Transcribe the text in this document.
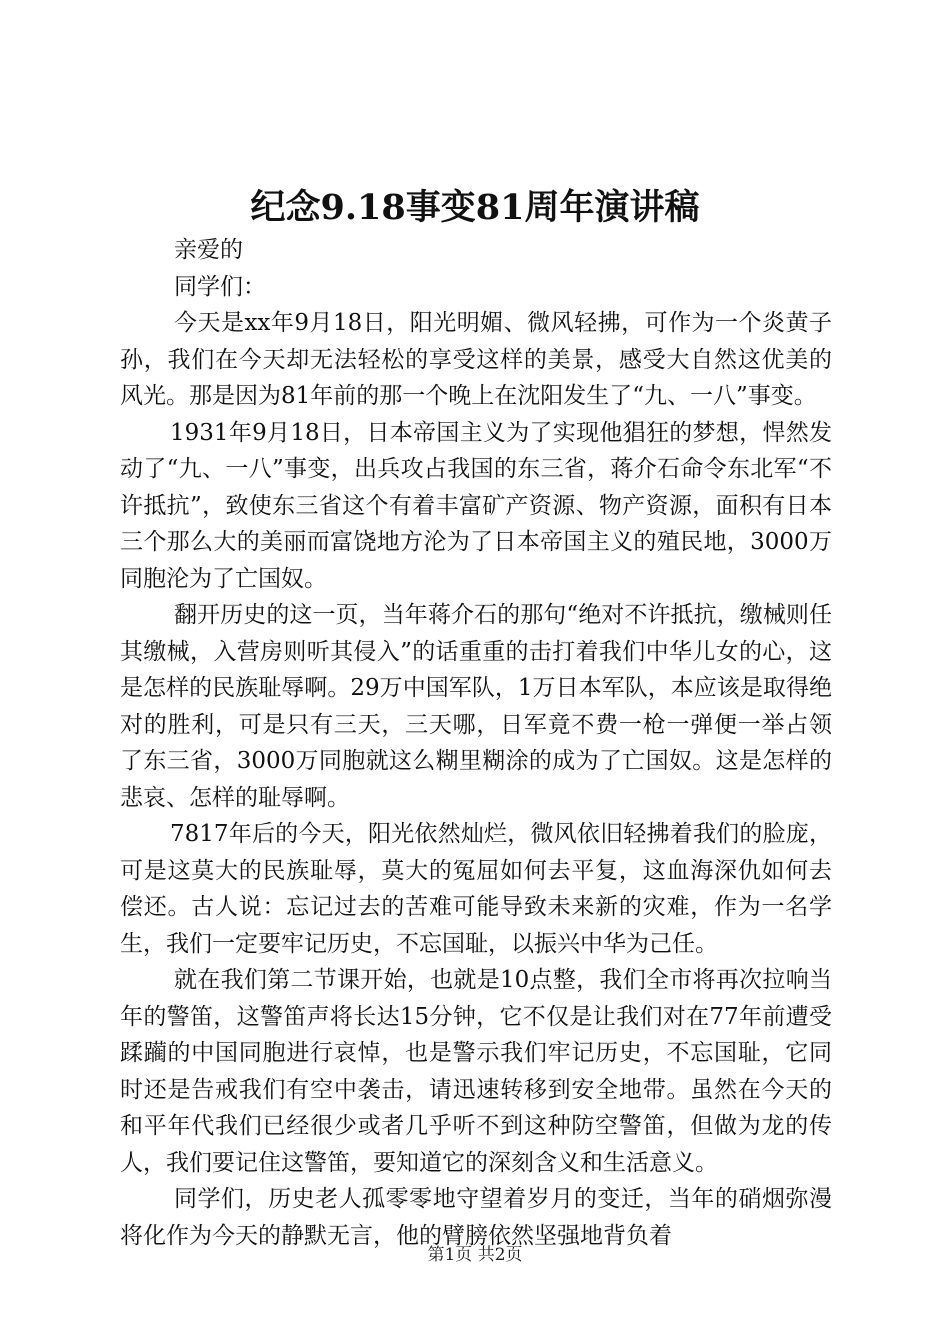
纪念9.18事变81周年演讲稿

亲爱的

同学们：

今天是xx年9月18日，阳光明媚、微风轻拂，可作为一个炎黄子孙，我们在今天却无法轻松的享受这样的美景，感受大自然这优美的风光。那是因为81年前的那一个晚上在沈阳发生了“九、一八”事变。

1931年9月18日，日本帝国主义为了实现他猖狂的梦想，悍然发动了“九、一八”事变，出兵攻占我国的东三省，蒋介石命令东北军“不许抵抗”，致使东三省这个有着丰富矿产资源、物产资源，面积有日本三个那么大的美丽而富饶地方沦为了日本帝国主义的殖民地，3000万同胞沦为了亡国奴。

翻开历史的这一页，当年蒋介石的那句“绝对不许抵抗，缴械则任其缴械，入营房则听其侵入”的话重重的击打着我们中华儿女的心，这是怎样的民族耻辱啊。29万中国军队，1万日本军队，本应该是取得绝对的胜利，可是只有三天，三天哪，日军竟不费一枪一弹便一举占领了东三省，3000万同胞就这么糊里糊涂的成为了亡国奴。这是怎样的悲哀、怎样的耻辱啊。

7817年后的今天，阳光依然灿烂，微风依旧轻拂着我们的脸庞，可是这莫大的民族耻辱，莫大的冤屈如何去平复，这血海深仇如何去偿还。古人说：忘记过去的苦难可能导致未来新的灾难，作为一名学生，我们一定要牢记历史，不忘国耻，以振兴中华为己任。

就在我们第二节课开始，也就是10点整，我们全市将再次拉响当年的警笛，这警笛声将长达15分钟，它不仅是让我们对在77年前遭受蹂躏的中国同胞进行哀悼，也是警示我们牢记历史，不忘国耻，它同时还是告戒我们有空中袭击，请迅速转移到安全地带。虽然在今天的和平年代我们已经很少或者几乎听不到这种防空警笛，但做为龙的传人，我们要记住这警笛，要知道它的深刻含义和生活意义。

同学们，历史老人孤零零地守望着岁月的变迁，当年的硝烟弥漫将化作为今天的静默无言，他的臂膀依然坚强地背负着

第1页 共2页
